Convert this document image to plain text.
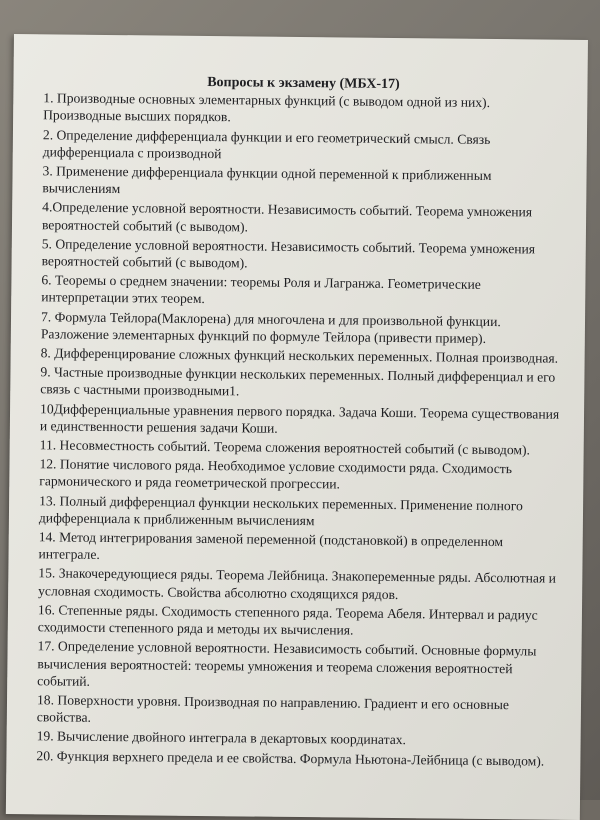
Вопросы к экзамену (МБХ-17)
1. Производные основных элементарных функций (с выводом одной из них). Производные высших порядков.
2. Определение дифференциала функции и его геометрический смысл. Связь дифференциала с производной
3. Применение дифференциала функции одной переменной к приближенным вычислениям
4.Определение условной вероятности. Независимость событий. Теорема умножения вероятностей событий (с выводом).
5. Определение условной вероятности. Независимость событий. Теорема умножения вероятностей событий (с выводом).
6. Теоремы о среднем значении: теоремы Роля и Лагранжа. Геометрические интерпретации этих теорем.
7. Формула Тейлора(Маклорена) для многочлена и для произвольной функции. Разложение элементарных функций по формуле Тейлора (привести пример).
8. Дифференцирование сложных функций нескольких переменных. Полная производная.
9. Частные производные функции нескольких переменных. Полный дифференциал и его связь с частными производными1.
10Дифференциальные уравнения первого порядка. Задача Коши. Теорема существования и единственности решения задачи Коши.
11. Несовместность событий. Теорема сложения вероятностей событий (с выводом).
12. Понятие числового ряда. Необходимое условие сходимости ряда. Сходимость гармонического и ряда геометрической прогрессии.
13. Полный дифференциал функции нескольких переменных. Применение полного дифференциала к приближенным вычислениям
14. Метод интегрирования заменой переменной (подстановкой) в определенном интеграле.
15. Знакочередующиеся ряды. Теорема Лейбница. Знакопеременные ряды. Абсолютная и условная сходимость. Свойства абсолютно сходящихся рядов.
16. Степенные ряды. Сходимость степенного ряда. Теорема Абеля. Интервал и радиус сходимости степенного ряда и методы их вычисления.
17. Определение условной вероятности. Независимость событий. Основные формулы вычисления вероятностей: теоремы умножения и теорема сложения вероятностей событий.
18. Поверхности уровня. Производная по направлению. Градиент и его основные свойства.
19. Вычисление двойного интеграла в декартовых координатах.
20. Функция верхнего предела и ее свойства. Формула Ньютона-Лейбница (с выводом).
